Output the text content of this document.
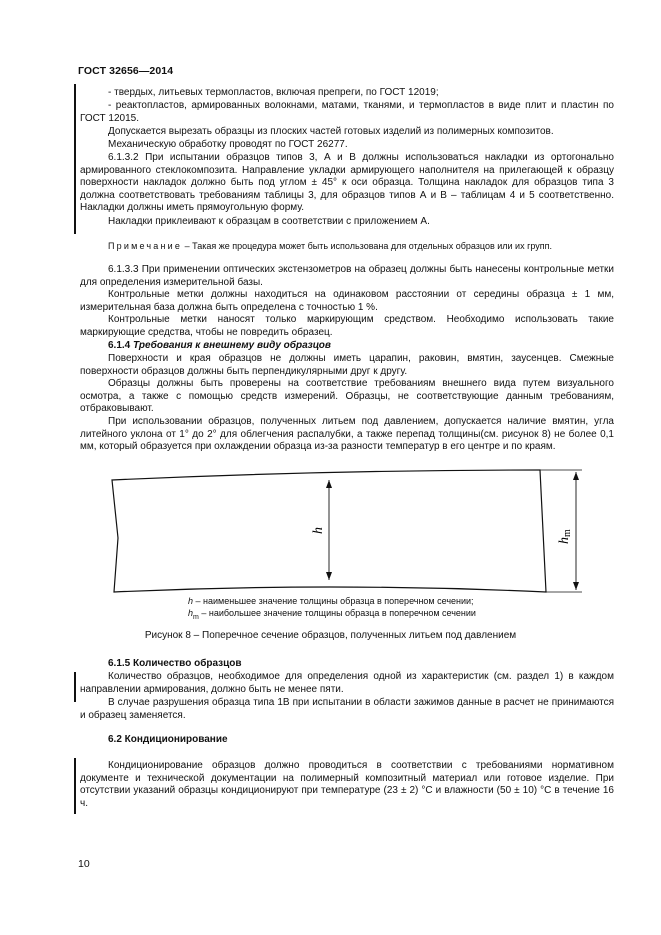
ГОСТ 32656—2014
- твердых, литьевых термопластов, включая препреги, по ГОСТ 12019;
- реактопластов, армированных волокнами, матами, тканями, и термопластов в виде плит и пластин по ГОСТ 12015.
Допускается вырезать образцы из плоских частей готовых изделий из полимерных композитов.
Механическую обработку проводят по ГОСТ 26277.
6.1.3.2 При испытании образцов типов 3, А и В должны использоваться накладки из ортогонально армированного стеклокомпозита. Направление укладки армирующего наполнителя на прилегающей к образцу поверхности накладок должно быть под углом ± 45° к оси образца. Толщина накладок для образцов типа 3 должна соответствовать требованиям таблицы 3, для образцов типов А и В – таблицам 4 и 5 соответственно. Накладки должны иметь прямоугольную форму.
Накладки приклеивают к образцам в соответствии с приложением А.
Примечание – Такая же процедура может быть использована для отдельных образцов или их групп.
6.1.3.3 При применении оптических экстензометров на образец должны быть нанесены контрольные метки для определения измерительной базы.
Контрольные метки должны находиться на одинаковом расстоянии от середины образца ± 1 мм, измерительная база должна быть определена с точностью 1 %.
Контрольные метки наносят только маркирующим средством. Необходимо использовать такие маркирующие средства, чтобы не повредить образец.
6.1.4 Требования к внешнему виду образцов
Поверхности и края образцов не должны иметь царапин, раковин, вмятин, заусенцев. Смежные поверхности образцов должны быть перпендикулярными друг к другу.
Образцы должны быть проверены на соответствие требованиям внешнего вида путем визуального осмотра, а также с помощью средств измерений. Образцы, не соответствующие данным требованиям, отбраковывают.
При использовании образцов, полученных литьем под давлением, допускается наличие вмятин, угла литейного уклона от 1° до 2° для облегчения распалубки, а также перепад толщины(см. рисунок 8) не более 0,1 мм, который образуется при охлаждении образца из-за разности температур в его центре и по краям.
h
hm
h – наименьшее значение толщины образца в поперечном сечении;
$h_m$ – наибольшее значение толщины образца в поперечном сечении
Рисунок 8 – Поперечное сечение образцов, полученных литьем под давлением
6.1.5 Количество образцов
Количество образцов, необходимое для определения одной из характеристик (см. раздел 1) в каждом направлении армирования, должно быть не менее пяти.
В случае разрушения образца типа 1В при испытании в области зажимов данные в расчет не принимаются и образец заменяется.
6.2 Кондиционирование
Кондиционирование образцов должно проводиться в соответствии с требованиями нормативном документе и технической документации на полимерный композитный материал или готовое изделие. При отсутствии указаний образцы кондиционируют при температуре (23 ± 2) °С и влажности (50 ± 10) °С в течение 16 ч.
10
